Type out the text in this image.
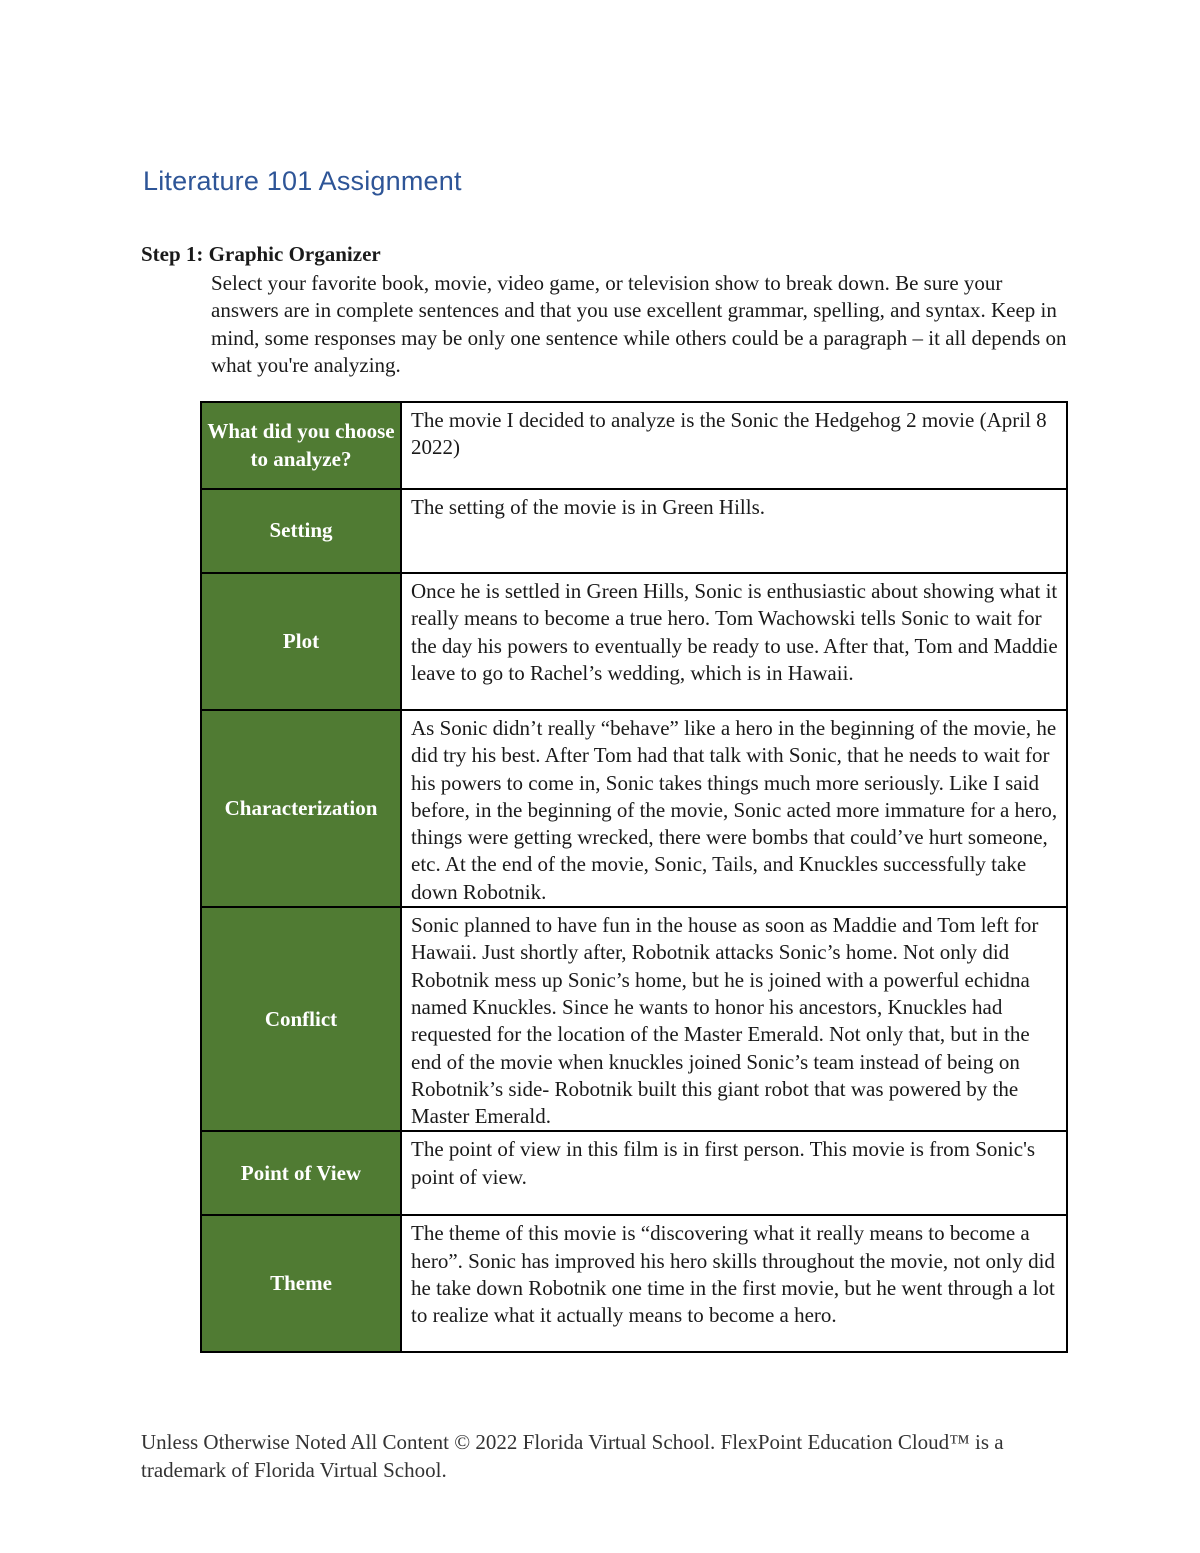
Literature 101 Assignment

Step 1: Graphic Organizer

Select your favorite book, movie, video game, or television show to break down. Be sure your answers are in complete sentences and that you use excellent grammar, spelling, and syntax. Keep in mind, some responses may be only one sentence while others could be a paragraph – it all depends on what you're analyzing.

What did you choose to analyze?	The movie I decided to analyze is the Sonic the Hedgehog 2 movie (April 8 2022)
Setting	The setting of the movie is in Green Hills.
Plot	Once he is settled in Green Hills, Sonic is enthusiastic about showing what it really means to become a true hero. Tom Wachowski tells Sonic to wait for the day his powers to eventually be ready to use. After that, Tom and Maddie leave to go to Rachel’s wedding, which is in Hawaii.
Characterization	As Sonic didn’t really “behave” like a hero in the beginning of the movie, he did try his best. After Tom had that talk with Sonic, that he needs to wait for his powers to come in, Sonic takes things much more seriously. Like I said before, in the beginning of the movie, Sonic acted more immature for a hero, things were getting wrecked, there were bombs that could’ve hurt someone, etc. At the end of the movie, Sonic, Tails, and Knuckles successfully take down Robotnik.
Conflict	Sonic planned to have fun in the house as soon as Maddie and Tom left for Hawaii. Just shortly after, Robotnik attacks Sonic’s home. Not only did Robotnik mess up Sonic’s home, but he is joined with a powerful echidna named Knuckles. Since he wants to honor his ancestors, Knuckles had requested for the location of the Master Emerald. Not only that, but in the end of the movie when knuckles joined Sonic’s team instead of being on Robotnik’s side- Robotnik built this giant robot that was powered by the Master Emerald.
Point of View	The point of view in this film is in first person. This movie is from Sonic's point of view.
Theme	The theme of this movie is “discovering what it really means to become a hero”. Sonic has improved his hero skills throughout the movie, not only did he take down Robotnik one time in the first movie, but he went through a lot to realize what it actually means to become a hero.

Unless Otherwise Noted All Content © 2022 Florida Virtual School. FlexPoint Education Cloud™ is a trademark of Florida Virtual School.
